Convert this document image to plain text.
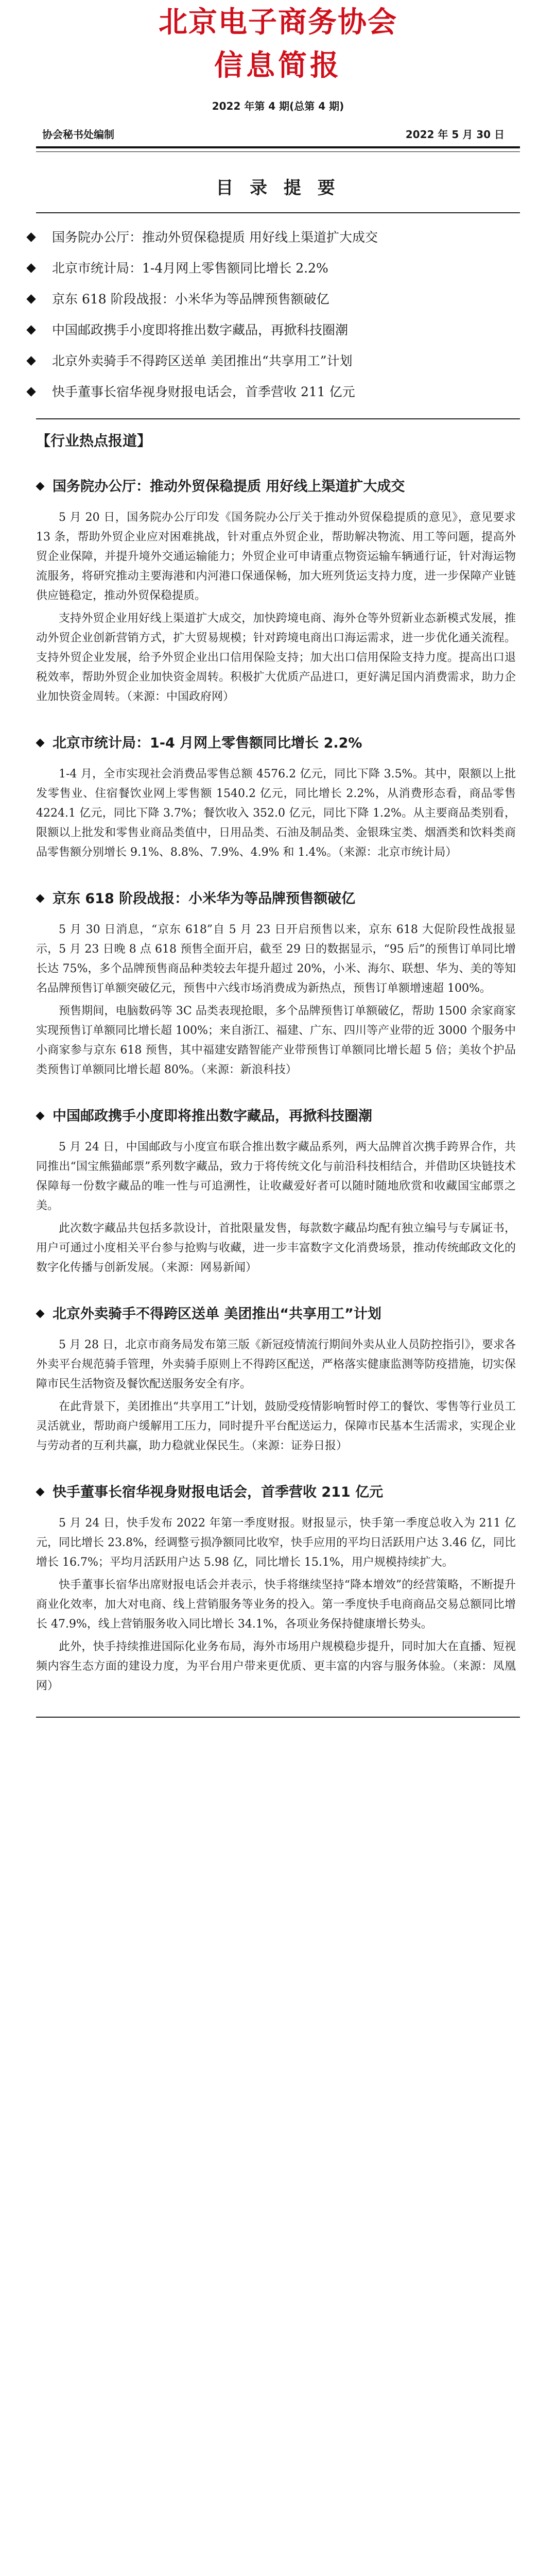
北京电子商务协会
信息简报
2022 年第 4 期(总第 4 期)
协会秘书处编制	2022 年 5 月 30 日
目 录 提 要
国务院办公厅：推动外贸保稳提质 用好线上渠道扩大成交
北京市统计局：1-4月网上零售额同比增长 2.2%
京东 618 阶段战报：小米华为等品牌预售额破亿
中国邮政携手小度即将推出数字藏品，再掀科技圈潮
北京外卖骑手不得跨区送单 美团推出“共享用工”计划
快手董事长宿华视身财报电话会，首季营收 211 亿元
【行业热点报道】
国务院办公厅：推动外贸保稳提质 用好线上渠道扩大成交

5 月 20 日，国务院办公厅印发《国务院办公厅关于推动外贸保稳提质的意见》，意见要求 13 条，帮助外贸企业应对困难挑战，针对重点外贸企业，帮助解决物流、用工等问题，提高外贸企业保障，并提升境外交通运输能力；外贸企业可申请重点物资运输车辆通行证，针对海运物流服务，将研究推动主要海港和内河港口保通保畅，加大班列货运支持力度，进一步保障产业链供应链稳定，推动外贸保稳提质。

支持外贸企业用好线上渠道扩大成交，加快跨境电商、海外仓等外贸新业态新模式发展，推动外贸企业创新营销方式，扩大贸易规模；针对跨境电商出口海运需求，进一步优化通关流程。支持外贸企业发展，给予外贸企业出口信用保险支持；加大出口信用保险支持力度。提高出口退税效率，帮助外贸企业加快资金周转。积极扩大优质产品进口，更好满足国内消费需求，助力企业加快资金周转。（来源：中国政府网）

北京市统计局：1-4 月网上零售额同比增长 2.2%

1-4 月，全市实现社会消费品零售总额 4576.2 亿元，同比下降 3.5%。其中，限额以上批发零售业、住宿餐饮业网上零售额 1540.2 亿元，同比增长 2.2%，从消费形态看，商品零售 4224.1 亿元，同比下降 3.7%；餐饮收入 352.0 亿元，同比下降 1.2%。从主要商品类别看，限额以上批发和零售业商品类值中，日用品类、石油及制品类、金银珠宝类、烟酒类和饮料类商品零售额分别增长 9.1%、8.8%、7.9%、4.9% 和 1.4%。（来源：北京市统计局）

京东 618 阶段战报：小米华为等品牌预售额破亿

5 月 30 日消息，“京东 618”自 5 月 23 日开启预售以来，京东 618 大促阶段性战报显示，5 月 23 日晚 8 点 618 预售全面开启，截至 29 日的数据显示，“95 后”的预售订单同比增长达 75%，多个品牌预售商品种类较去年提升超过 20%，小米、海尔、联想、华为、美的等知名品牌预售订单额突破亿元，预售中六线市场消费成为新热点，预售订单额增速超 100%。

预售期间，电脑数码等 3C 品类表现抢眼，多个品牌预售订单额破亿，帮助 1500 余家商家实现预售订单额同比增长超 100%；来自浙江、福建、广东、四川等产业带的近 3000 个服务中小商家参与京东 618 预售，其中福建安踏智能产业带预售订单额同比增长超 5 倍；美妆个护品类预售订单额同比增长超 80%。（来源：新浪科技）

中国邮政携手小度即将推出数字藏品，再掀科技圈潮

5 月 24 日，中国邮政与小度宣布联合推出数字藏品系列，两大品牌首次携手跨界合作，共同推出“国宝熊猫邮票”系列数字藏品，致力于将传统文化与前沿科技相结合，并借助区块链技术保障每一份数字藏品的唯一性与可追溯性，让收藏爱好者可以随时随地欣赏和收藏国宝邮票之美。

此次数字藏品共包括多款设计，首批限量发售，每款数字藏品均配有独立编号与专属证书，用户可通过小度相关平台参与抢购与收藏，进一步丰富数字文化消费场景，推动传统邮政文化的数字化传播与创新发展。（来源：网易新闻）

北京外卖骑手不得跨区送单 美团推出“共享用工”计划

5 月 28 日，北京市商务局发布第三版《新冠疫情流行期间外卖从业人员防控指引》，要求各外卖平台规范骑手管理，外卖骑手原则上不得跨区配送，严格落实健康监测等防疫措施，切实保障市民生活物资及餐饮配送服务安全有序。

在此背景下，美团推出“共享用工”计划，鼓励受疫情影响暂时停工的餐饮、零售等行业员工灵活就业，帮助商户缓解用工压力，同时提升平台配送运力，保障市民基本生活需求，实现企业与劳动者的互利共赢，助力稳就业保民生。（来源：证券日报）

快手董事长宿华视身财报电话会，首季营收 211 亿元

5 月 24 日，快手发布 2022 年第一季度财报。财报显示，快手第一季度总收入为 211 亿元，同比增长 23.8%，经调整亏损净额同比收窄，快手应用的平均日活跃用户达 3.46 亿，同比增长 16.7%；平均月活跃用户达 5.98 亿，同比增长 15.1%，用户规模持续扩大。

快手董事长宿华出席财报电话会并表示，快手将继续坚持“降本增效”的经营策略，不断提升商业化效率，加大对电商、线上营销服务等业务的投入。第一季度快手电商商品交易总额同比增长 47.9%，线上营销服务收入同比增长 34.1%，各项业务保持健康增长势头。

此外，快手持续推进国际化业务布局，海外市场用户规模稳步提升，同时加大在直播、短视频内容生态方面的建设力度，为平台用户带来更优质、更丰富的内容与服务体验。（来源：凤凰网）
